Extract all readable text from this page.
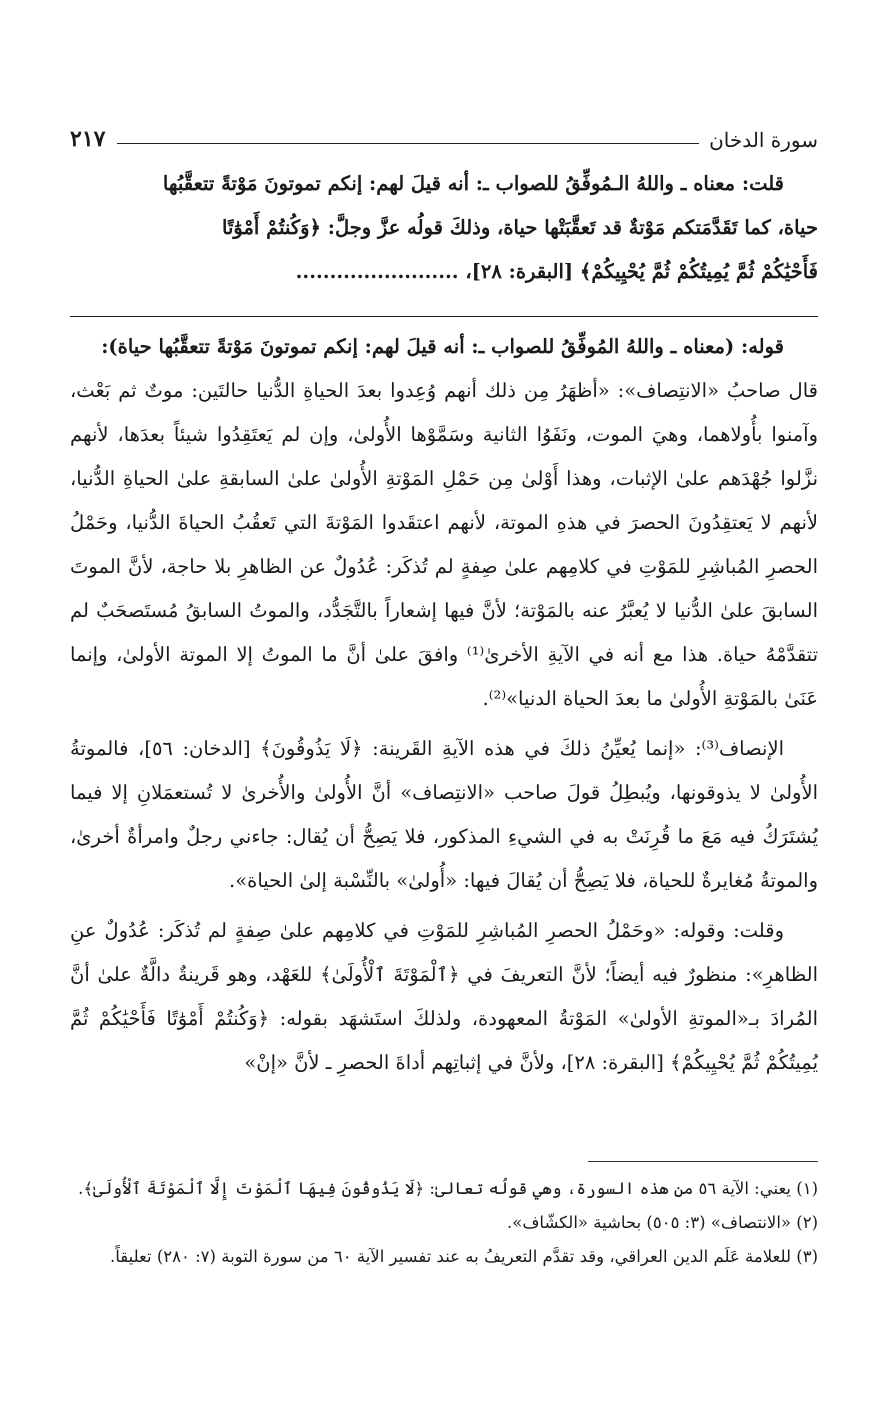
سورة الدخان
٢١٧

قلت: معناه ـ واللهُ الـمُوفِّقُ للصواب ـ: أنه قيلَ لهم: إنكم تموتونَ مَوْتةً تتعقَّبُها

حياة، كما تَقَدَّمَتكم مَوْتةٌ قد تَعقَّبَتْها حياة، وذلكَ قولُه عزَّ وجلَّ: ﴿وَكُنتُمْ أَمْوَٰتًا

فَأَحْيَٰكُمْ ثُمَّ يُمِيتُكُمْ ثُمَّ يُحْيِيكُمْ﴾ [البقرة: ٢٨]، ........................

قوله: (معناه ـ واللهُ المُوفِّقُ للصواب ـ: أنه قيلَ لهم: إنكم تموتونَ مَوْتةً تتعقَّبُها حياة):

قال صاحبُ «الانتِصاف»: «أظهَرُ مِن ذلك أنهم وُعِدوا بعدَ الحياةِ الدُّنيا حالتَين: موتٌ ثم بَعْث، وآمنوا بأُولاهما، وهيَ الموت، ونَفَوُا الثانية وسَمَّوْها الأُولىٰ، وإن لم يَعتَقِدُوا شيئاً بعدَها، لأنهم نزَّلوا جُهْدَهم علىٰ الإثبات، وهذا أَوْلىٰ مِن حَمْلِ المَوْتةِ الأُولىٰ علىٰ السابقةِ علىٰ الحياةِ الدُّنيا، لأنهم لا يَعتقِدُونَ الحصرَ في هذهِ الموتة، لأنهم اعتقَدوا المَوْتةَ التي تَعقُبُ الحياةَ الدُّنيا، وحَمْلُ الحصرِ المُباشِرِ للمَوْتِ في كلامِهم علىٰ صِفةٍ لم تُذكَر: عُدُولٌ عن الظاهرِ بلا حاجة، لأنَّ الموتَ السابقَ علىٰ الدُّنيا لا يُعبَّرُ عنه بالمَوْتة؛ لأنَّ فيها إشعاراً بالتَّجَدُّد، والموتُ السابقُ مُستَصحَبٌ لم تتقدَّمْهُ حياة. هذا مع أنه في الآيةِ الأخرىٰ⁽¹⁾ وافقَ علىٰ أنَّ ما الموتُ إلا الموتة الأولىٰ، وإنما عَنَىٰ بالمَوْتةِ الأُولىٰ ما بعدَ الحياة الدنيا»⁽²⁾.

الإنصاف⁽³⁾: «إنما يُعيِّنُ ذلكَ في هذه الآيةِ القَرينة: ﴿لَا يَذُوقُونَ﴾ [الدخان: ٥٦]، فالموتةُ الأُولىٰ لا يذوقونها، ويُبطِلُ قولَ صاحب «الانتِصاف» أنَّ الأُولىٰ والأُخرىٰ لا تُستعمَلانِ إلا فيما يُشتَرَكُ فيه مَعَ ما قُرِنَتْ به في الشيءِ المذكور، فلا يَصِحُّ أن يُقال: جاءني رجلٌ وامرأةٌ أخرىٰ، والموتةُ مُغايرةٌ للحياة، فلا يَصِحُّ أن يُقالَ فيها: «أُولىٰ» بالنِّسْبة إلىٰ الحياة».

وقلت: وقوله: «وحَمْلُ الحصرِ المُباشِرِ للمَوْتِ في كلامِهم علىٰ صِفةٍ لم تُذكَر: عُدُولٌ عنِ الظاهرِ»: منظورٌ فيه أيضاً؛ لأنَّ التعريفَ في ﴿ٱلْمَوْتَةَ ٱلْأُولَىٰ﴾ للعَهْد، وهو قَرينةٌ دالَّةٌ علىٰ أنَّ المُرادَ بـ«الموتةِ الأولىٰ» المَوْتةُ المعهودة، ولذلكَ استَشهَد بقوله: ﴿وَكُنتُمْ أَمْوَٰتًا فَأَحْيَٰكُمْ ثُمَّ يُمِيتُكُمْ ثُمَّ يُحْيِيكُمْ﴾ [البقرة: ٢٨]، ولأنَّ في إثباتِهم أداةَ الحصرِ ـ لأنَّ «إنْ»

(١) يعني: الآية ٥٦ من هذه السورة، وهي قولُه تعالىٰ: ﴿لَا يَذُوقُونَ فِيهَا ٱلْمَوْتَ إِلَّا ٱلْمَوْتَةَ ٱلْأُولَىٰ﴾.
(٢) «الانتصاف» (٣: ٥٠٥) بحاشية «الكشّاف».
(٣) للعلامة عَلَم الدين العراقي، وقد تقدَّم التعريفُ به عند تفسير الآية ٦٠ من سورة التوبة (٧: ٢٨٠) تعليقاً.
